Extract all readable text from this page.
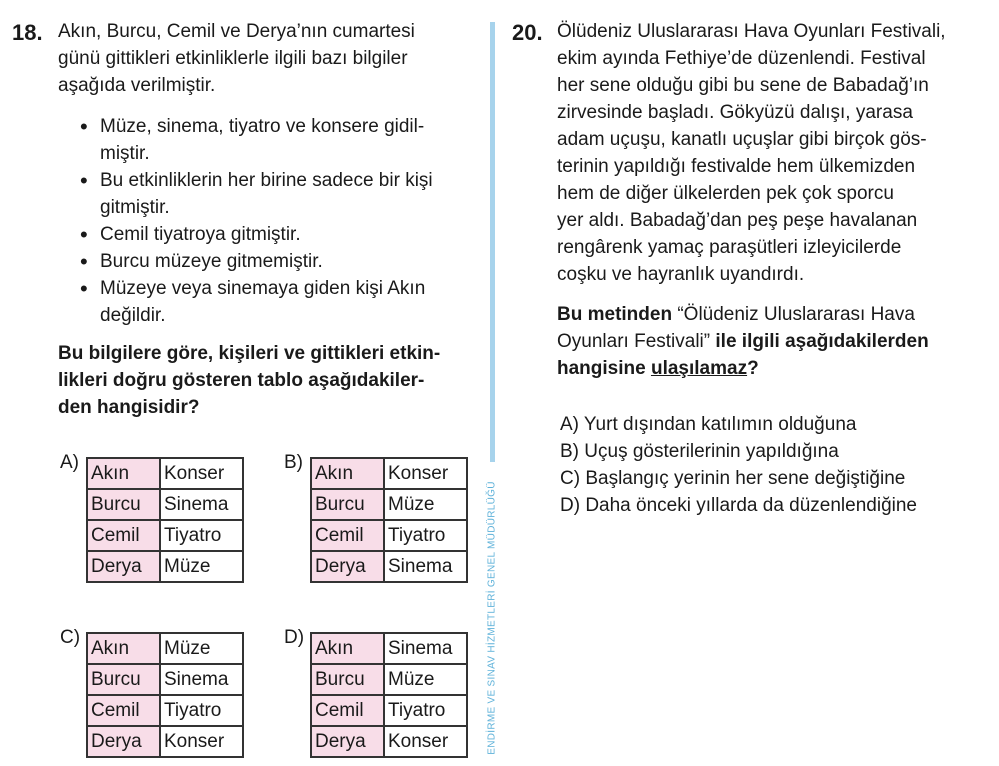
18. Akın, Burcu, Cemil ve Derya’nın cumartesi
günü gittikleri etkinliklerle ilgili bazı bilgiler
aşağıda verilmiştir.
• Müze, sinema, tiyatro ve konsere gidil-
miştir.
• Bu etkinliklerin her birine sadece bir kişi
gitmiştir.
• Cemil tiyatroya gitmiştir.
• Burcu müzeye gitmemiştir.
• Müzeye veya sinemaya giden kişi Akın
değildir.
Bu bilgilere göre, kişileri ve gittikleri etkin-
likleri doğru gösteren tablo aşağıdakiler-
den hangisidir?
A) Akın	Konser
Burcu	Sinema
Cemil	Tiyatro
Derya	Müze
B) Akın	Konser
Burcu	Müze
Cemil	Tiyatro
Derya	Sinema
C) Akın	Müze
Burcu	Sinema
Cemil	Tiyatro
Derya	Konser
D) Akın	Sinema
Burcu	Müze
Cemil	Tiyatro
Derya	Konser	ENDİRME VE SINAV HİZMETLERİ GENEL MÜDÜRLÜĞÜ
20. Ölüdeniz Uluslararası Hava Oyunları Festivali,
ekim ayında Fethiye’de düzenlendi. Festival
her sene olduğu gibi bu sene de Babadağ’ın
zirvesinde başladı. Gökyüzü dalışı, yarasa
adam uçuşu, kanatlı uçuşlar gibi birçok gös-
terinin yapıldığı festivalde hem ülkemizden
hem de diğer ülkelerden pek çok sporcu
yer aldı. Babadağ’dan peş peşe havalanan
rengârenk yamaç paraşütleri izleyicilerde
coşku ve hayranlık uyandırdı.
Bu metinden “Ölüdeniz Uluslararası Hava
Oyunları Festivali” ile ilgili aşağıdakilerden
hangisine ulaşılamaz?
A) Yurt dışından katılımın olduğuna
B) Uçuş gösterilerinin yapıldığına
C) Başlangıç yerinin her sene değiştiğine
D) Daha önceki yıllarda da düzenlendiğine
